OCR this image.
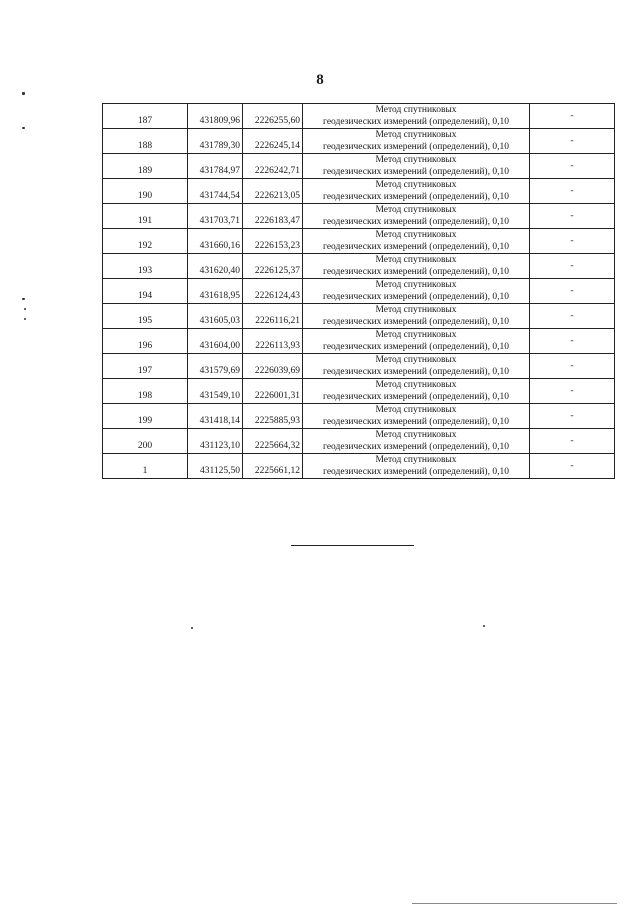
8
187	431809,96	2226255,60	Метод спутниковых
геодезических измерений (определений), 0,10	-
188	431789,30	2226245,14	Метод спутниковых
геодезических измерений (определений), 0,10	-
189	431784,97	2226242,71	Метод спутниковых
геодезических измерений (определений), 0,10	-
190	431744,54	2226213,05	Метод спутниковых
геодезических измерений (определений), 0,10	-
191	431703,71	2226183,47	Метод спутниковых
геодезических измерений (определений), 0,10	-
192	431660,16	2226153,23	Метод спутниковых
геодезических измерений (определений), 0,10	-
193	431620,40	2226125,37	Метод спутниковых
геодезических измерений (определений), 0,10	-
194	431618,95	2226124,43	Метод спутниковых
геодезических измерений (определений), 0,10	-
195	431605,03	2226116,21	Метод спутниковых
геодезических измерений (определений), 0,10	-
196	431604,00	2226113,93	Метод спутниковых
геодезических измерений (определений), 0,10	-
197	431579,69	2226039,69	Метод спутниковых
геодезических измерений (определений), 0,10	-
198	431549,10	2226001,31	Метод спутниковых
геодезических измерений (определений), 0,10	-
199	431418,14	2225885,93	Метод спутниковых
геодезических измерений (определений), 0,10	-
200	431123,10	2225664,32	Метод спутниковых
геодезических измерений (определений), 0,10	-
1	431125,50	2225661,12	Метод спутниковых
геодезических измерений (определений), 0,10	-
